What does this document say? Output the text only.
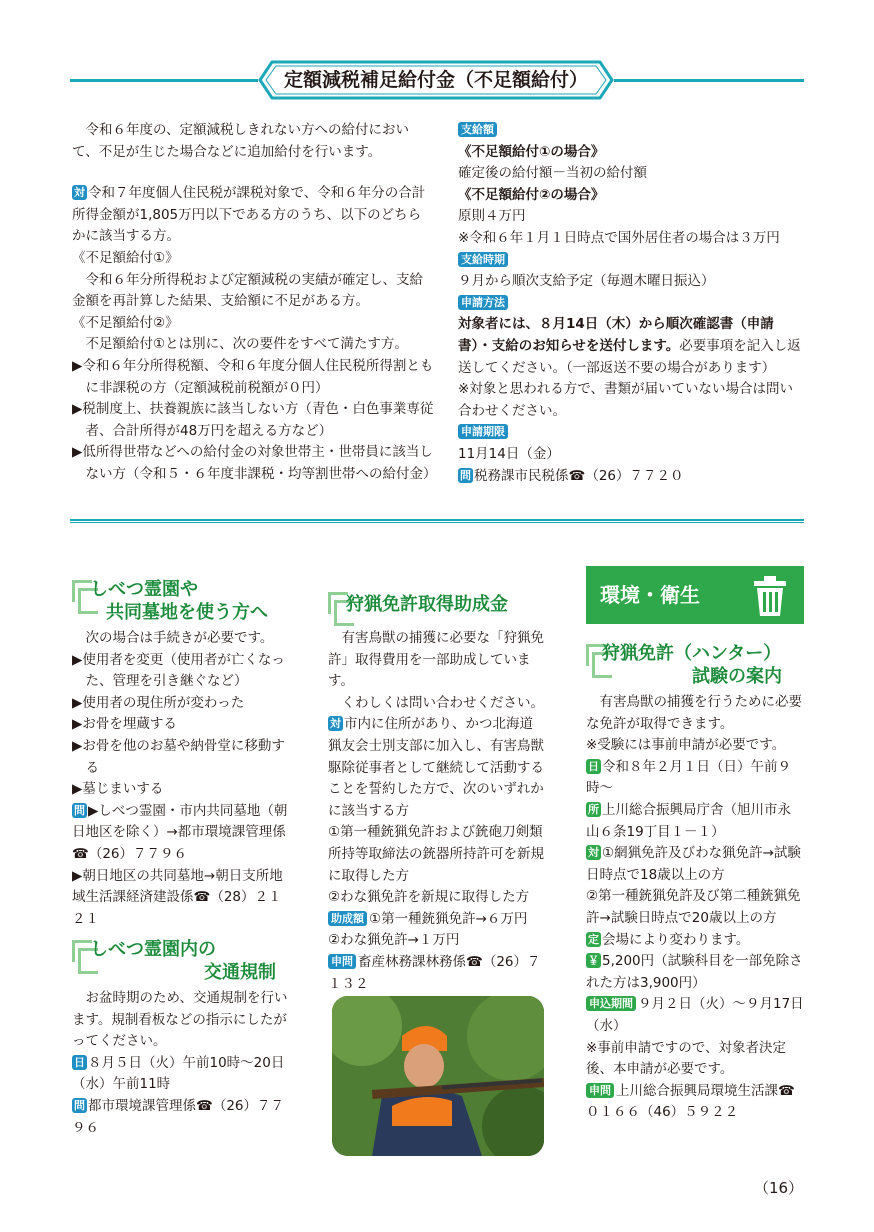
定額減税補足給付金（不足額給付）
令和６年度の、定額減税しきれない方への給付において、不足が生じた場合などに追加給付を行います。
対 令和７年度個人住民税が課税対象で、令和６年分の合計所得金額が1,805万円以下である方のうち、以下のどちらかに該当する方。
《不足額給付①》
令和６年分所得税および定額減税の実績が確定し、支給金額を再計算した結果、支給額に不足がある方。
《不足額給付②》
不足額給付①とは別に、次の要件をすべて満たす方。
▶令和６年分所得税額、令和６年度分個人住民税所得割ともに非課税の方（定額減税前税額が０円）
▶税制度上、扶養親族に該当しない方（青色・白色事業専従者、合計所得が48万円を超える方など）
▶低所得世帯などへの給付金の対象世帯主・世帯員に該当しない方（令和５・６年度非課税・均等割世帯への給付金）
支給額
《不足額給付①の場合》
確定後の給付額－当初の給付額
《不足額給付②の場合》
原則４万円
※令和６年１月１日時点で国外居住者の場合は３万円
支給時期
９月から順次支給予定（毎週木曜日振込）
申請方法
対象者には、８月14日（木）から順次確認書（申請書）・支給のお知らせを送付します。必要事項を記入し返送してください。（一部返送不要の場合があります）
※対象と思われる方で、書類が届いていない場合は問い合わせください。
申請期限
11月14日（金）
問 税務課市民税係☎（26）７７２０
しべつ霊園や
共同墓地を使う方へ
次の場合は手続きが必要です。
▶使用者を変更（使用者が亡くなった、管理を引き継ぐなど）
▶使用者の現住所が変わった
▶お骨を埋蔵する
▶お骨を他のお墓や納骨堂に移動する
▶墓じまいする
問 ▶しべつ霊園・市内共同墓地（朝日地区を除く）→都市環境課管理係☎（26）７７９６
▶朝日地区の共同墓地→朝日支所地域生活課経済建設係☎（28）２１２１
しべつ霊園内の
交通規制
お盆時期のため、交通規制を行います。規制看板などの指示にしたがってください。
日 ８月５日（火）午前10時～20日（水）午前11時
問 都市環境課管理係☎（26）７７９６
狩猟免許取得助成金
有害鳥獣の捕獲に必要な「狩猟免許」取得費用を一部助成しています。
くわしくは問い合わせください。
対 市内に住所があり、かつ北海道猟友会士別支部に加入し、有害鳥獣駆除従事者として継続して活動することを誓約した方で、次のいずれかに該当する方
①第一種銃猟免許および銃砲刀剣類所持等取締法の銃器所持許可を新規に取得した方
②わな猟免許を新規に取得した方
助成額 ①第一種銃猟免許→６万円
②わな猟免許→１万円
申問 畜産林務課林務係☎（26）７１３２
環境・衛生
狩猟免許（ハンター）
試験の案内
有害鳥獣の捕獲を行うために必要な免許が取得できます。
※受験には事前申請が必要です。
日 令和８年２月１日（日）午前９時～
所 上川総合振興局庁舎（旭川市永山６条19丁目１－１）
対 ①網猟免許及びわな猟免許→試験日時点で18歳以上の方
②第一種銃猟免許及び第二種銃猟免許→試験日時点で20歳以上の方
定 会場により変わります。
￥ 5,200円（試験科目を一部免除された方は3,900円）
申込期間 ９月２日（火）～９月17日（水）
※事前申請ですので、対象者決定後、本申請が必要です。
申問 上川総合振興局環境生活課☎０１６６（46）５９２２
（16）
